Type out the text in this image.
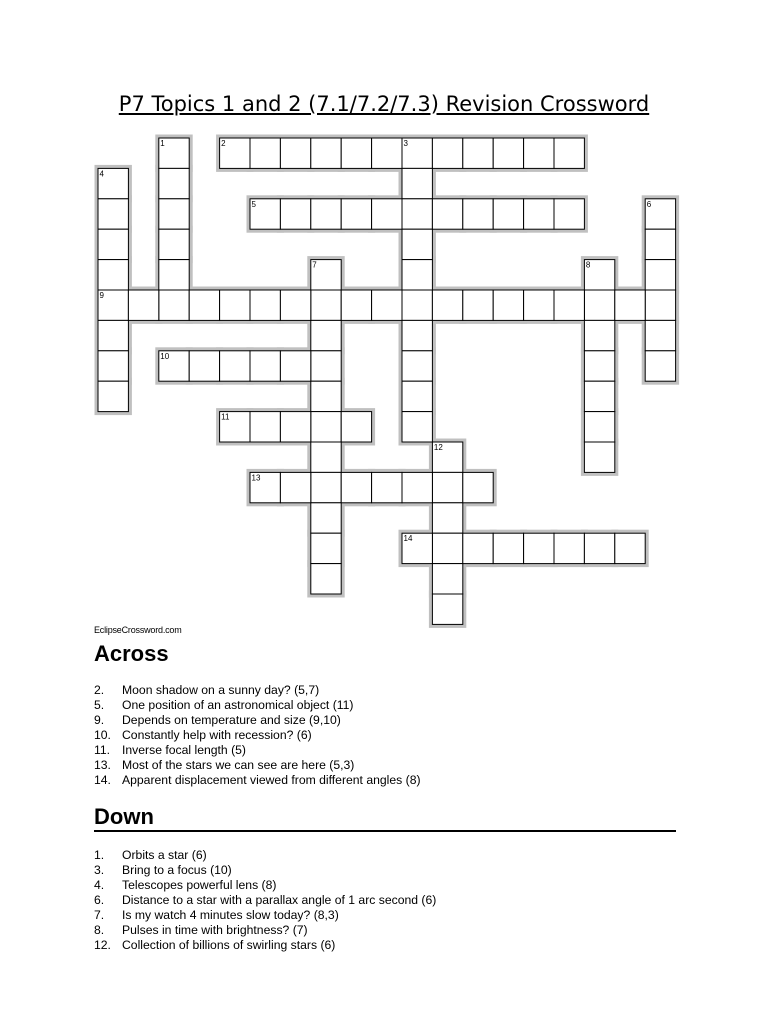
P7 Topics 1 and 2 (7.1/7.2/7.3) Revision Crossword
1	2	3
4
5	6
7	8
9
10
11
12
13
14
EclipseCrossword.com
Across
2.	Moon shadow on a sunny day? (5,7)
5.	One position of an astronomical object (11)
9.	Depends on temperature and size (9,10)
10. Constantly help with recession? (6)
11. Inverse focal length (5)
13. Most of the stars we can see are here (5,3)
14. Apparent displacement viewed from different angles (8)
Down
1.	Orbits a star (6)
3.	Bring to a focus (10)
4.	Telescopes powerful lens (8)
6.	Distance to a star with a parallax angle of 1 arc second (6)
7.	Is my watch 4 minutes slow today? (8,3)
8.	Pulses in time with brightness? (7)
12. Collection of billions of swirling stars (6)
